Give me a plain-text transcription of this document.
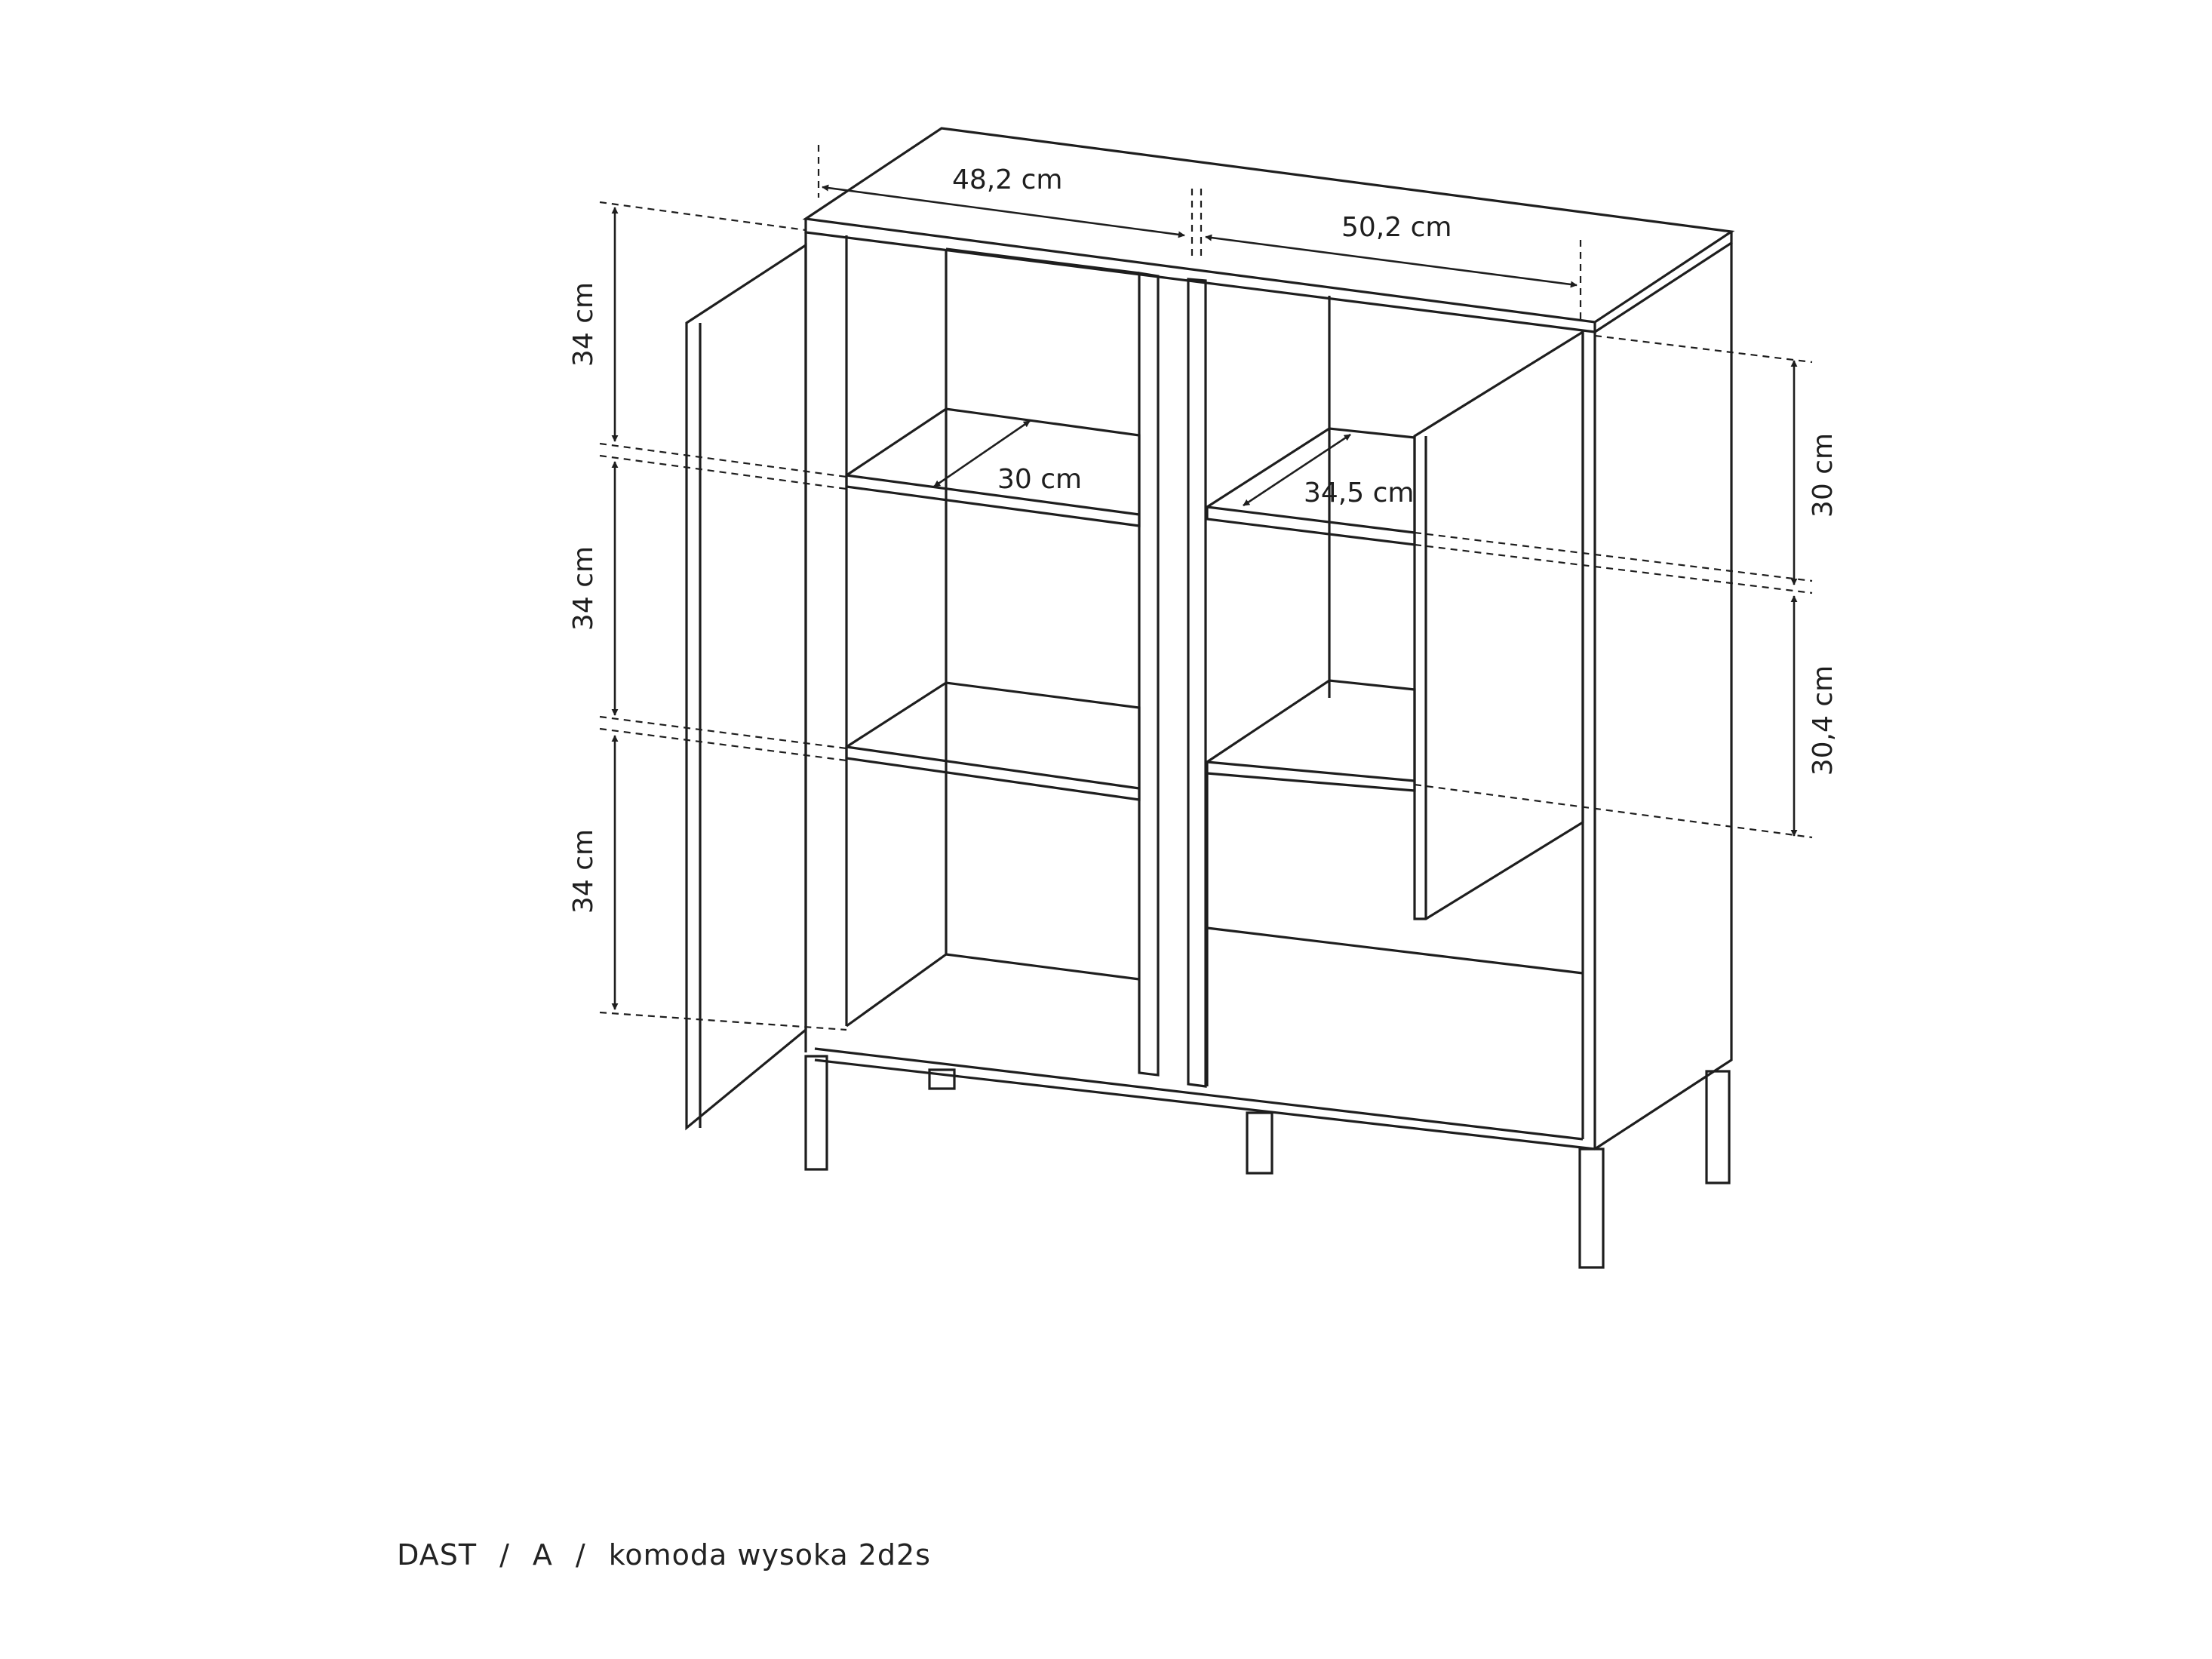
48,2 cm
50,2 cm
30 cm	34,5 cm
34 cm
34 cm
34 cm
30 cm
30,4 cm

DAST / A / komoda wysoka 2d2s
